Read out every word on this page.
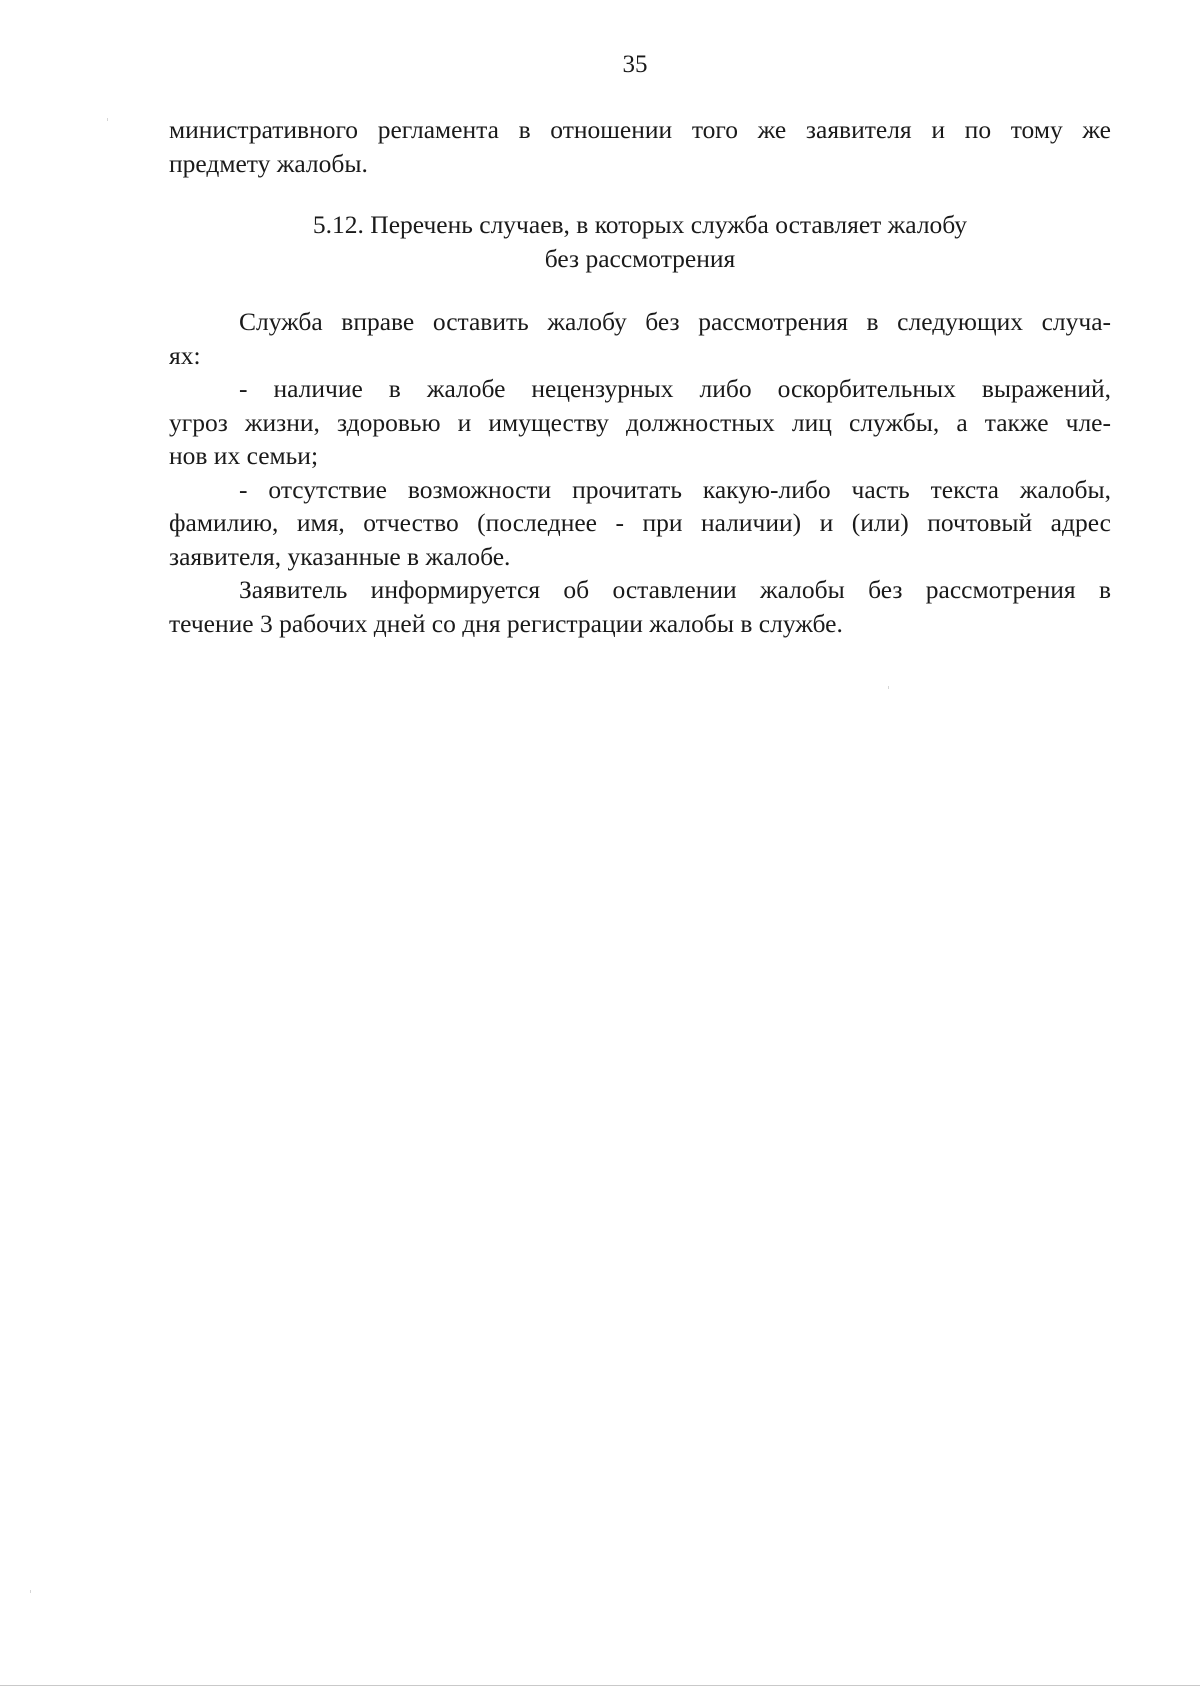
35
министративного регламента в отношении того же заявителя и по тому же
предмету жалобы.
5.12. Перечень случаев, в которых служба оставляет жалобу
без рассмотрения
Служба вправе оставить жалобу без рассмотрения в следующих случа-
ях:
- наличие в жалобе нецензурных либо оскорбительных выражений,
угроз жизни, здоровью и имуществу должностных лиц службы, а также чле-
нов их семьи;
- отсутствие возможности прочитать какую-либо часть текста жалобы,
фамилию, имя, отчество (последнее - при наличии) и (или) почтовый адрес
заявителя, указанные в жалобе.
Заявитель информируется об оставлении жалобы без рассмотрения в
течение 3 рабочих дней со дня регистрации жалобы в службе.
